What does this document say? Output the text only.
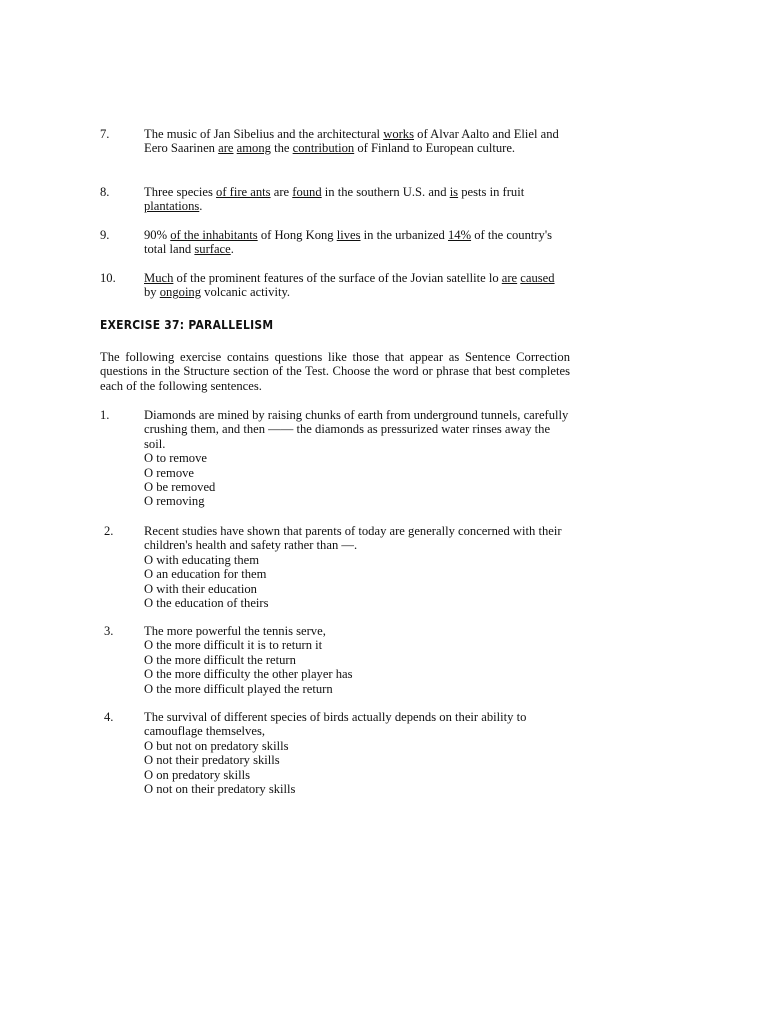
7.	The music of Jan Sibelius and the architectural works of Alvar Aalto and Eliel and Eero Saarinen are among the contribution of Finland to European culture.
8.	Three species of fire ants are found in the southern U.S. and is pests in fruit plantations.
9.	90% of the inhabitants of Hong Kong lives in the urbanized 14% of the country's total land surface.
10. Much of the prominent features of the surface of the Jovian satellite lo are caused by ongoing volcanic activity.
EXERCISE 37: PARALLELISM

The following exercise contains questions like those that appear as Sentence Correction questions in the Structure section of the Test. Choose the word or phrase that best completes each of the following sentences.

1.	Diamonds are mined by raising chunks of earth from underground tunnels, carefully crushing them, and then —— the diamonds as pressurized water rinses away the soil.
O to remove
O remove
O be removed
O removing
2. Recent studies have shown that parents of today are generally concerned with their children's health and safety rather than —.
O with educating them
O an education for them
O with their education
O the education of theirs
3. The more powerful the tennis serve,
O the more difficult it is to return it
O the more difficult the return
O the more difficulty the other player has
O the more difficult played the return
4. The survival of different species of birds actually depends on their ability to camouflage themselves,
O but not on predatory skills
O not their predatory skills
O on predatory skills
O not on their predatory skills
